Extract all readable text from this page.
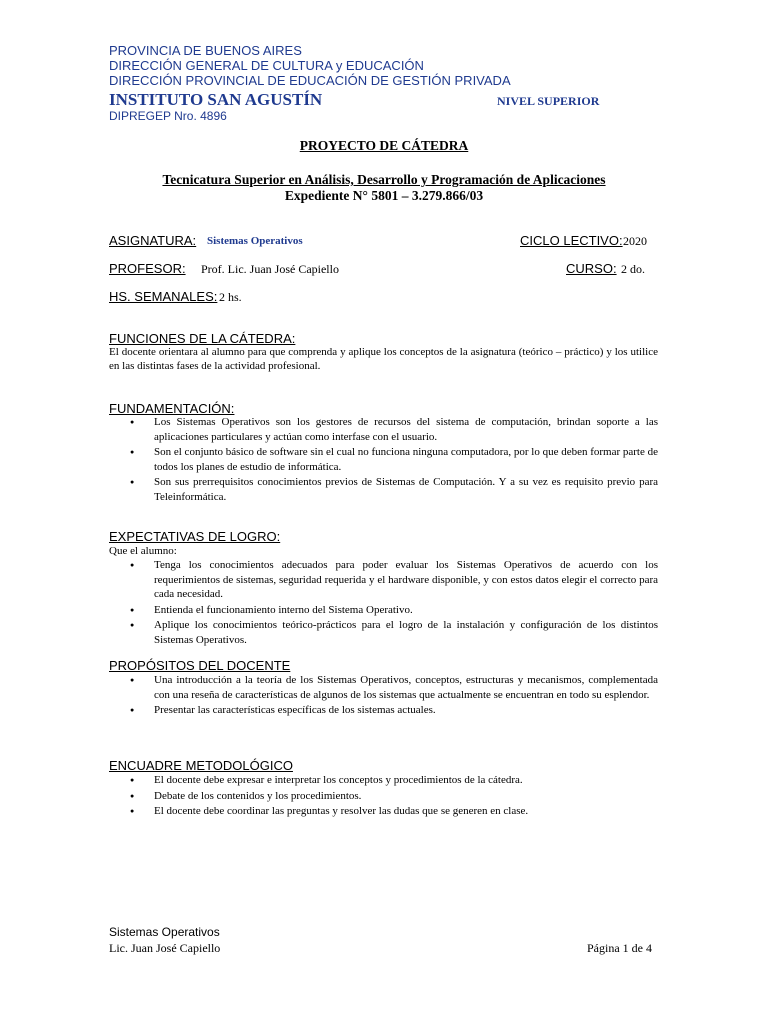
PROVINCIA DE BUENOS AIRES
DIRECCIÓN GENERAL DE CULTURA y EDUCACIÓN
DIRECCIÓN PROVINCIAL DE EDUCACIÓN DE GESTIÓN PRIVADA
INSTITUTO SAN AGUSTÍN	NIVEL SUPERIOR
DIPREGEP Nro. 4896
PROYECTO DE CÁTEDRA
Tecnicatura Superior en Análisis, Desarrollo y Programación de Aplicaciones
Expediente N° 5801 – 3.279.866/03
ASIGNATURA: Sistemas Operativos	CICLO LECTIVO: 2020
PROFESOR: Prof. Lic. Juan José Capiello	CURSO: 2 do.
HS. SEMANALES: 2 hs.
FUNCIONES DE LA CÁTEDRA:
El docente orientara al alumno para que comprenda y aplique los conceptos de la asignatura (teórico – práctico) y los utilice en las distintas fases de la actividad profesional.
FUNDAMENTACIÓN:
● Los Sistemas Operativos son los gestores de recursos del sistema de computación, brindan soporte a las aplicaciones particulares y actúan como interfase con el usuario.
● Son el conjunto básico de software sin el cual no funciona ninguna computadora, por lo que deben formar parte de todos los planes de estudio de informática.
● Son sus prerrequisitos conocimientos previos de Sistemas de Computación. Y a su vez es requisito previo para Teleinformática.
EXPECTATIVAS DE LOGRO:
Que el alumno:
● Tenga los conocimientos adecuados para poder evaluar los Sistemas Operativos de acuerdo con los requerimientos de sistemas, seguridad requerida y el hardware disponible, y con estos datos elegir el correcto para cada necesidad.
● Entienda el funcionamiento interno del Sistema Operativo.
● Aplique los conocimientos teórico-prácticos para el logro de la instalación y configuración de los distintos Sistemas Operativos.
PROPÓSITOS DEL DOCENTE
● Una introducción a la teoría de los Sistemas Operativos, conceptos, estructuras y mecanismos, complementada con una reseña de características de algunos de los sistemas que actualmente se encuentran en todo su esplendor.
● Presentar las características específicas de los sistemas actuales.
ENCUADRE METODOLÓGICO
● El docente debe expresar e interpretar los conceptos y procedimientos de la cátedra.
● Debate de los contenidos y los procedimientos.
● El docente debe coordinar las preguntas y resolver las dudas que se generen en clase.
Sistemas Operativos
Lic. Juan José Capiello	Página 1 de 4
